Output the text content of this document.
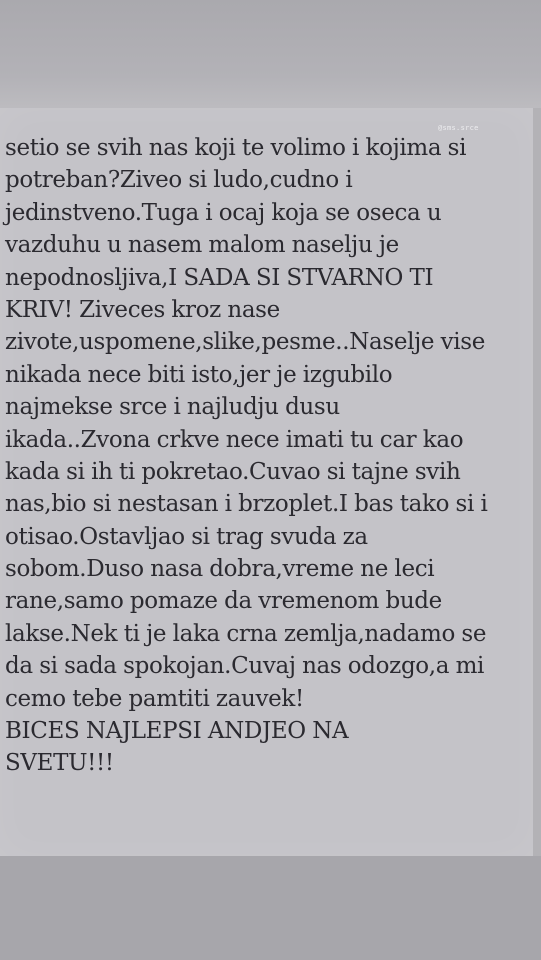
@sms.srce
setio se svih nas koji te volimo i kojima si
potreban?Ziveo si ludo,cudno i
jedinstveno.Tuga i ocaj koja se oseca u
vazduhu u nasem malom naselju je
nepodnosljiva,I SADA SI STVARNO TI
KRIV! Ziveces kroz nase
zivote,uspomene,slike,pesme..Naselje vise
nikada nece biti isto,jer je izgubilo
najmekse srce i najludju dusu
ikada..Zvona crkve nece imati tu car kao
kada si ih ti pokretao.Cuvao si tajne svih
nas,bio si nestasan i brzoplet.I bas tako si i
otisao.Ostavljao si trag svuda za
sobom.Duso nasa dobra,vreme ne leci
rane,samo pomaze da vremenom bude
lakse.Nek ti je laka crna zemlja,nadamo se
da si sada spokojan.Cuvaj nas odozgo,a mi
cemo tebe pamtiti zauvek!
BICES NAJLEPSI ANDJEO NA
SVETU!!!
